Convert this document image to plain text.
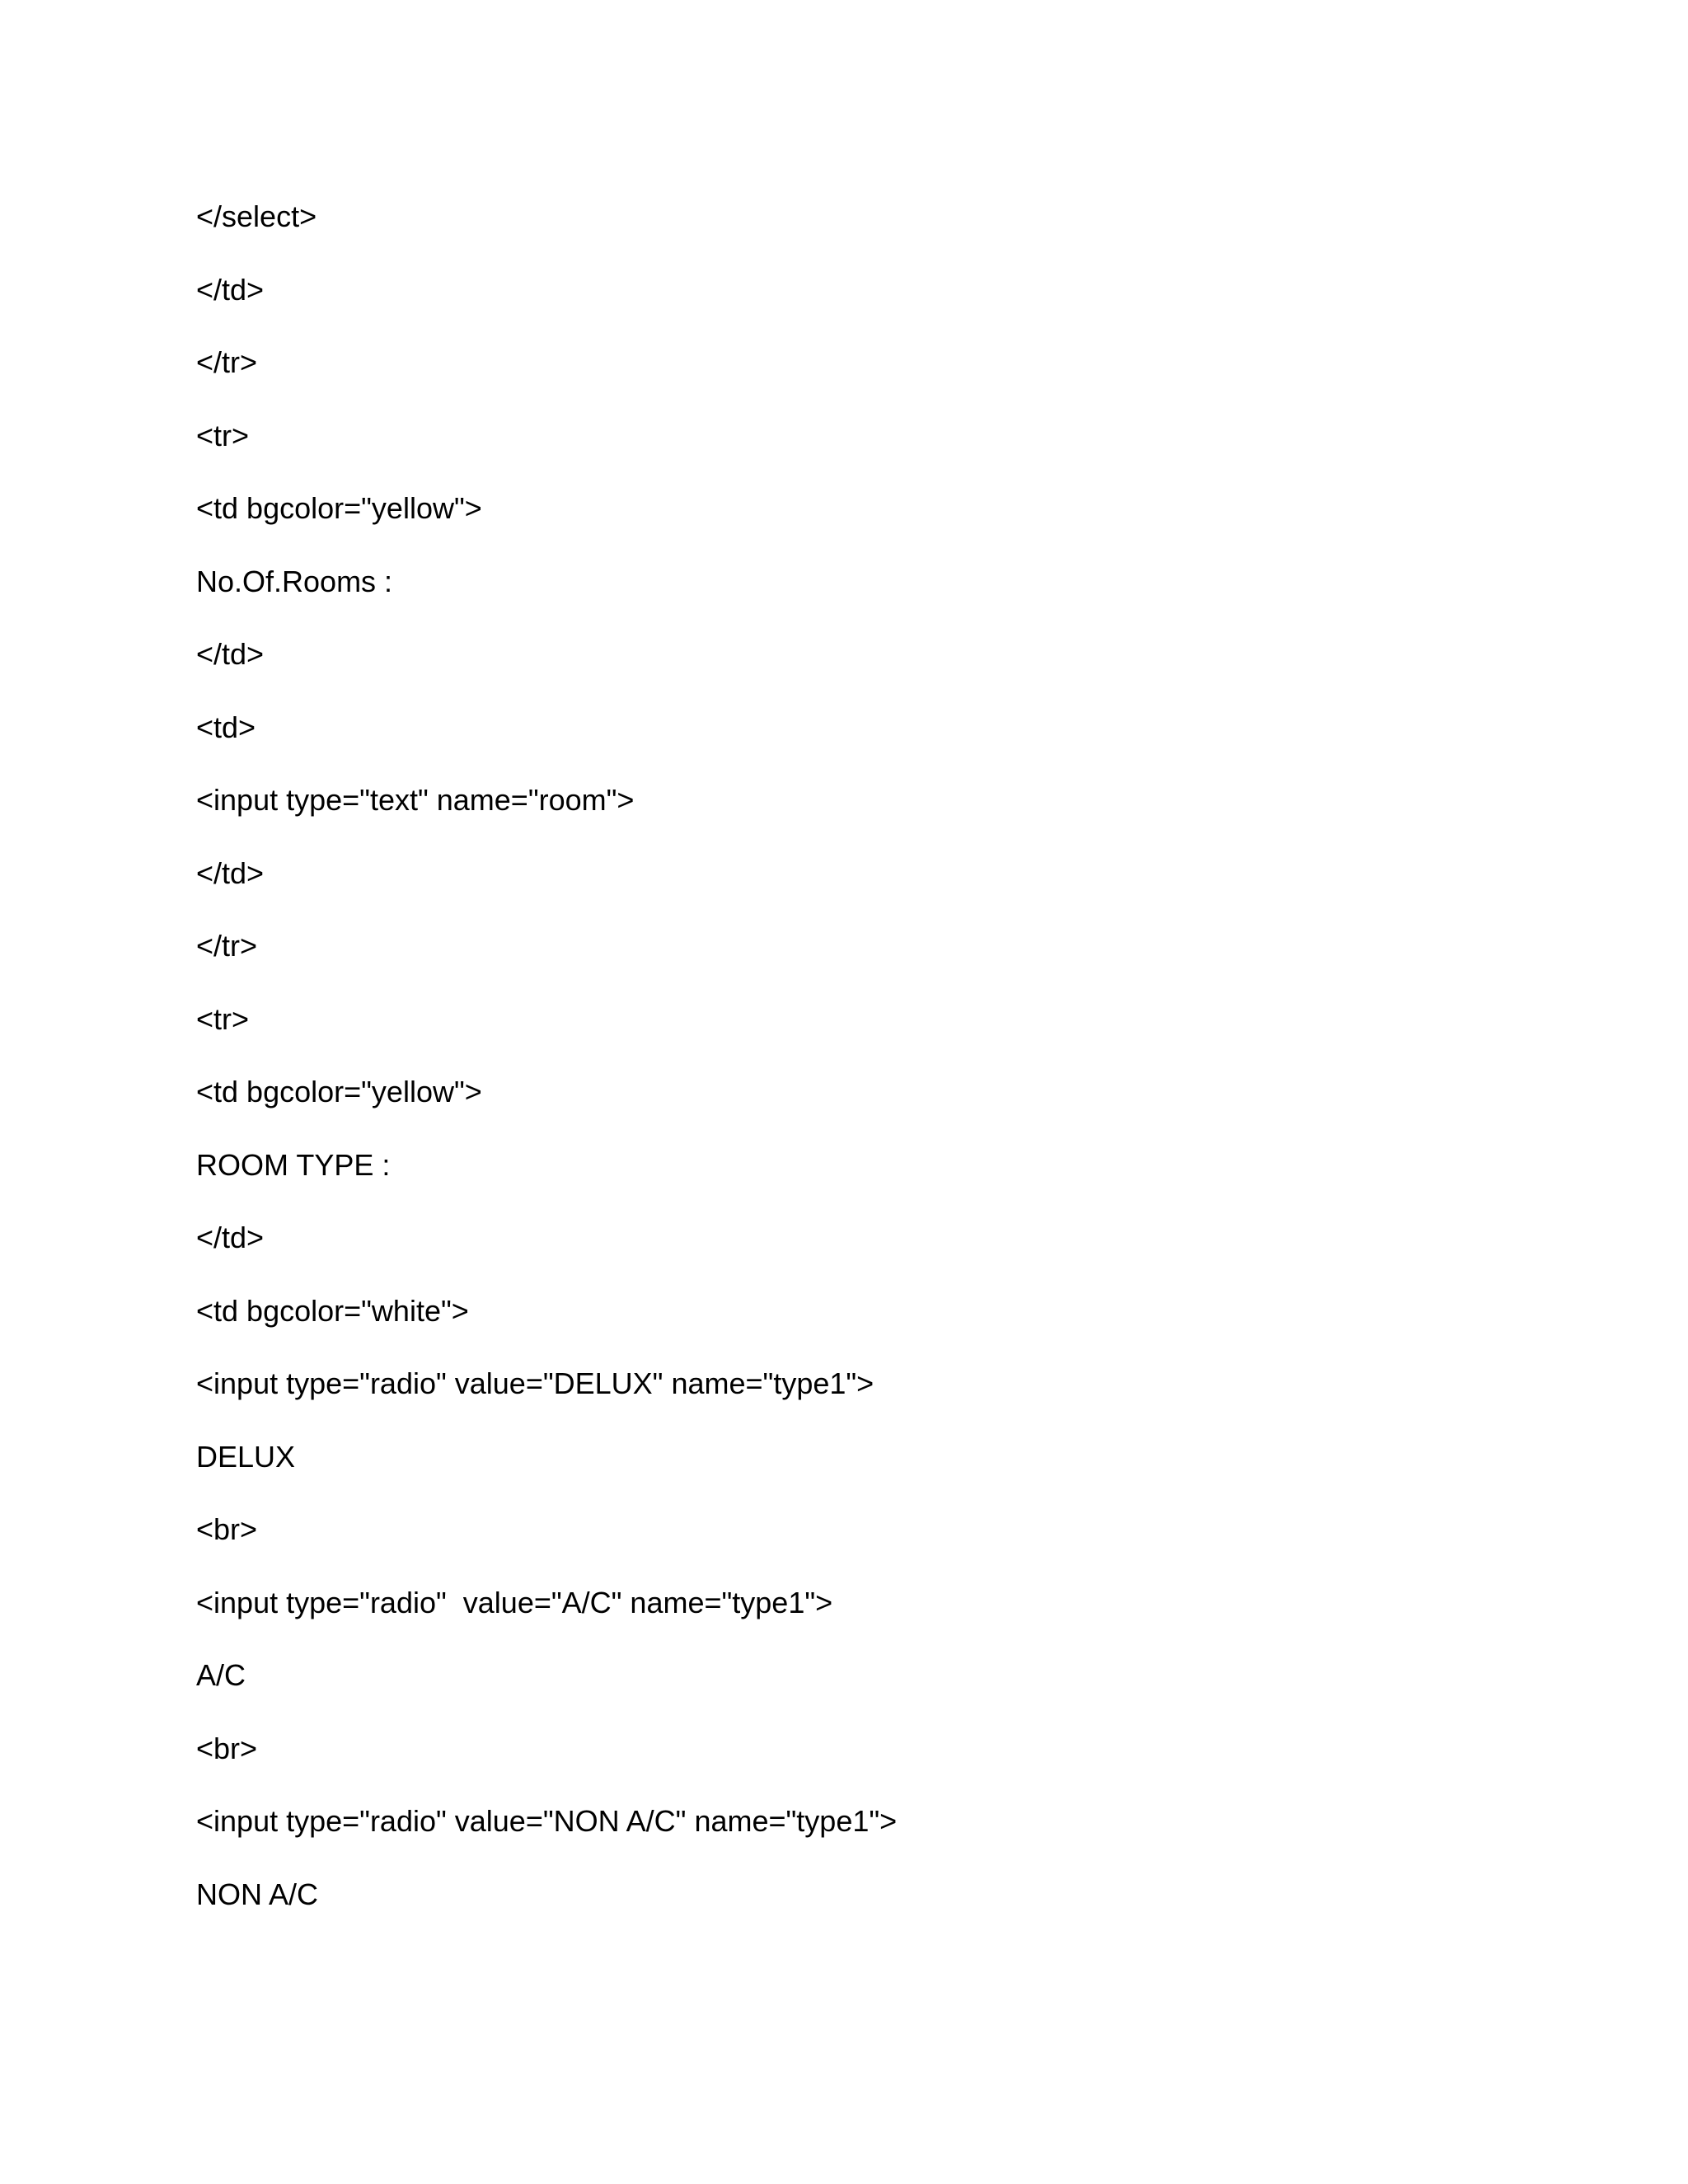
</select>
</td>
</tr>
<tr>
<td bgcolor="yellow">
No.Of.Rooms :
</td>
<td>
<input type="text" name="room">
</td>
</tr>
<tr>
<td bgcolor="yellow">
ROOM TYPE :
</td>
<td bgcolor="white">
<input type="radio" value="DELUX" name="type1">
DELUX
<br>
<input type="radio"  value="A/C" name="type1">
A/C
<br>
<input type="radio" value="NON A/C" name="type1">
NON A/C
